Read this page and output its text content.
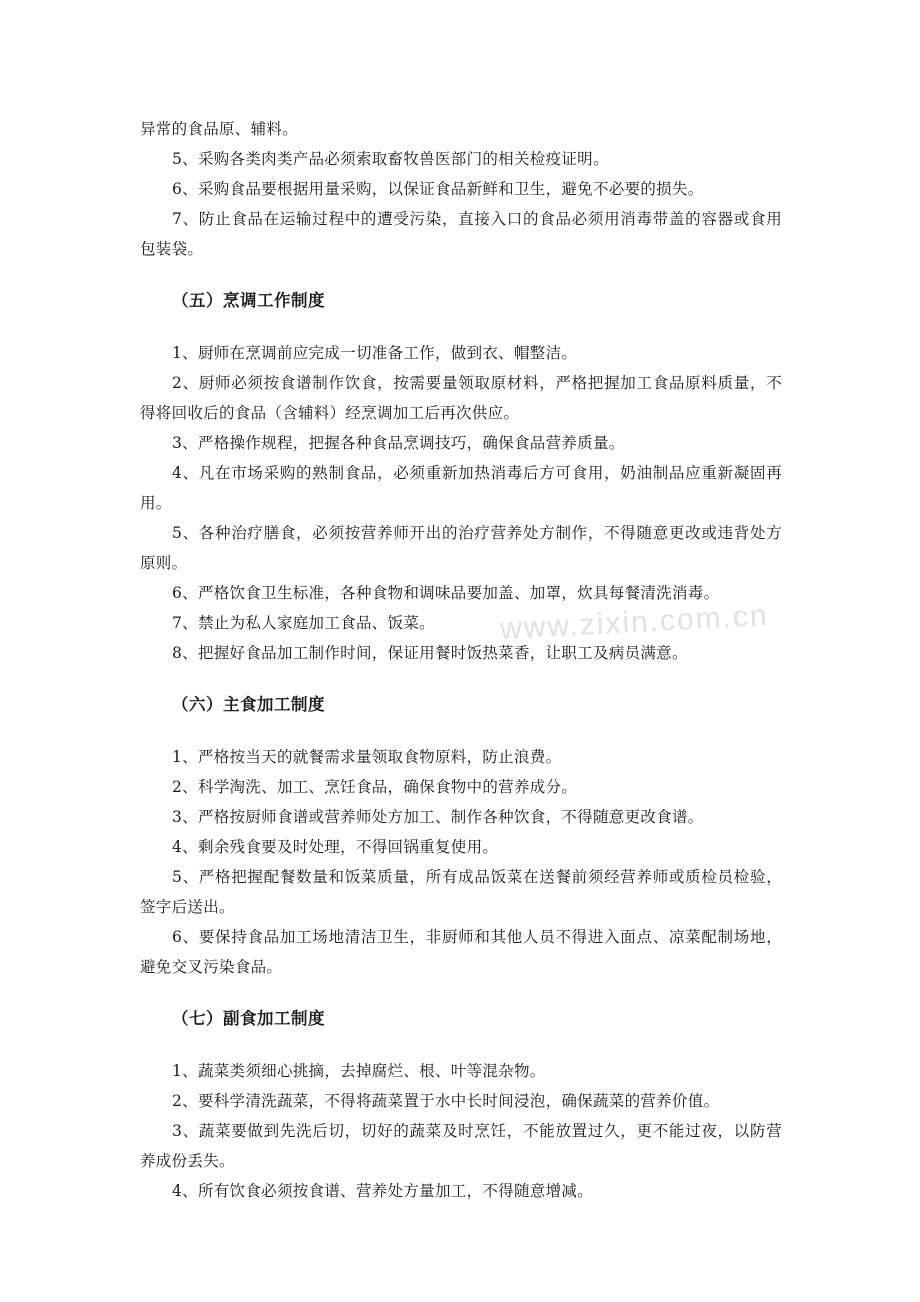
异常的食品原、辅料。

5、采购各类肉类产品必须索取畜牧兽医部门的相关检疫证明。

6、采购食品要根据用量采购，以保证食品新鲜和卫生，避免不必要的损失。

7、防止食品在运输过程中的遭受污染，直接入口的食品必须用消毒带盖的容器或食用包装袋。

（五）烹调工作制度

1、厨师在烹调前应完成一切准备工作，做到衣、帽整洁。

2、厨师必须按食谱制作饮食，按需要量领取原材料，严格把握加工食品原料质量，不得将回收后的食品（含辅料）经烹调加工后再次供应。

3、严格操作规程，把握各种食品烹调技巧，确保食品营养质量。

4、凡在市场采购的熟制食品，必须重新加热消毒后方可食用，奶油制品应重新凝固再用。

5、各种治疗膳食，必须按营养师开出的治疗营养处方制作，不得随意更改或违背处方原则。

6、严格饮食卫生标准，各种食物和调味品要加盖、加罩，炊具每餐清洗消毒。

7、禁止为私人家庭加工食品、饭菜。

8、把握好食品加工制作时间，保证用餐时饭热菜香，让职工及病员满意。

（六）主食加工制度

1、严格按当天的就餐需求量领取食物原料，防止浪费。

2、科学淘洗、加工、烹饪食品，确保食物中的营养成分。

3、严格按厨师食谱或营养师处方加工、制作各种饮食，不得随意更改食谱。

4、剩余残食要及时处理，不得回锅重复使用。

5、严格把握配餐数量和饭菜质量，所有成品饭菜在送餐前须经营养师或质检员检验，签字后送出。

6、要保持食品加工场地清洁卫生，非厨师和其他人员不得进入面点、凉菜配制场地，避免交叉污染食品。

（七）副食加工制度

1、蔬菜类须细心挑摘，去掉腐烂、根、叶等混杂物。

2、要科学清洗蔬菜，不得将蔬菜置于水中长时间浸泡，确保蔬菜的营养价值。

3、蔬菜要做到先洗后切，切好的蔬菜及时烹饪，不能放置过久，更不能过夜，以防营养成份丢失。

4、所有饮食必须按食谱、营养处方量加工，不得随意增减。

www.zixin.com.cn
